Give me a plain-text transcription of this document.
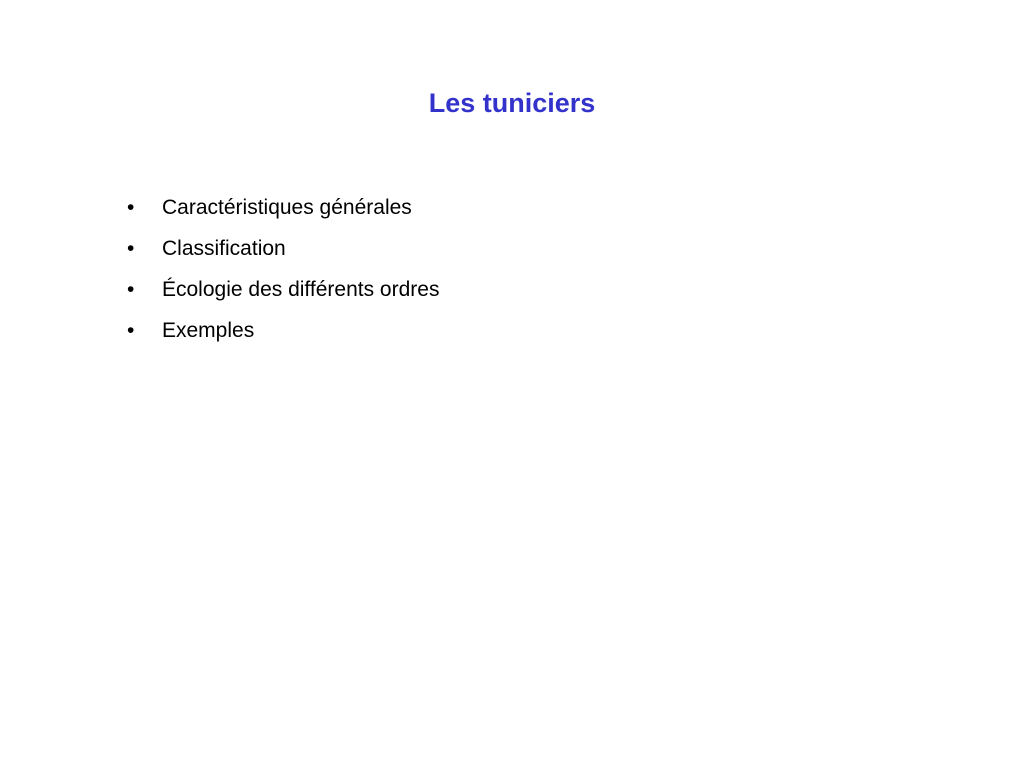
Les tuniciers
•	Caractéristiques générales
•	Classification
•	Écologie des différents ordres
•	Exemples
